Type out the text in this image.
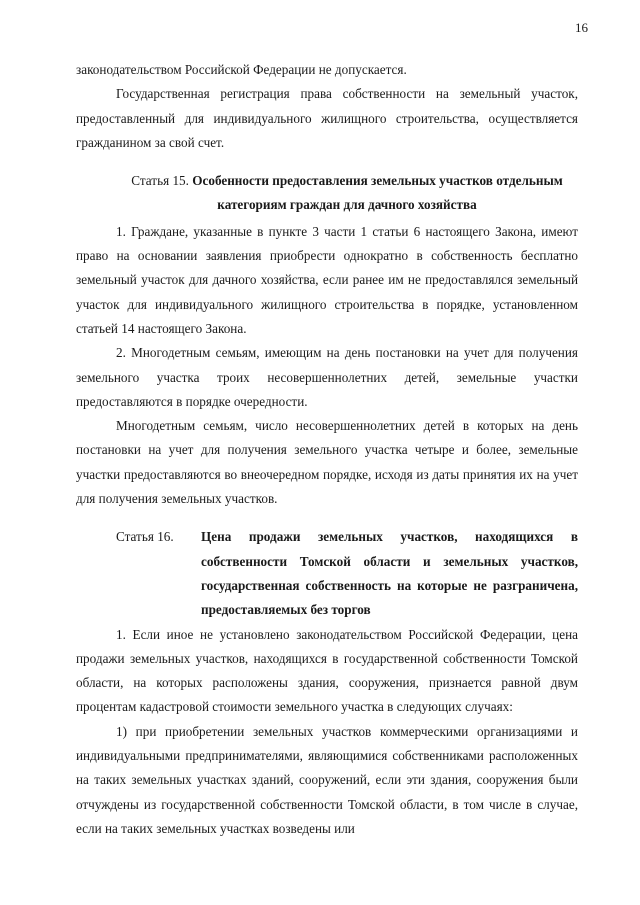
16

законодательством Российской Федерации не допускается.

Государственная регистрация права собственности на земельный участок, предоставленный для индивидуального жилищного строительства, осуществляется гражданином за свой счет.

Статья 15. Особенности предоставления земельных участков отдельным категориям граждан для дачного хозяйства

1. Граждане, указанные в пункте 3 части 1 статьи 6 настоящего Закона, имеют право на основании заявления приобрести однократно в собственность бесплатно земельный участок для дачного хозяйства, если ранее им не предоставлялся земельный участок для индивидуального жилищного строительства в порядке, установленном статьей 14 настоящего Закона.

2. Многодетным семьям, имеющим на день постановки на учет для получения земельного участка троих несовершеннолетних детей, земельные участки предоставляются в порядке очередности.

Многодетным семьям, число несовершеннолетних детей в которых на день постановки на учет для получения земельного участка четыре и более, земельные участки предоставляются во внеочередном порядке, исходя из даты принятия их на учет для получения земельных участков.

Статья 16.	Цена продажи земельных участков, находящихся в собственности Томской области и земельных участков, государственная собственность на которые не разграничена, предоставляемых без торгов

1. Если иное не установлено законодательством Российской Федерации, цена продажи земельных участков, находящихся в государственной собственности Томской области, на которых расположены здания, сооружения, признается равной двум процентам кадастровой стоимости земельного участка в следующих случаях:

1) при приобретении земельных участков коммерческими организациями и индивидуальными предпринимателями, являющимися собственниками расположенных на таких земельных участках зданий, сооружений, если эти здания, сооружения были отчуждены из государственной собственности Томской области, в том числе в случае, если на таких земельных участках возведены или
